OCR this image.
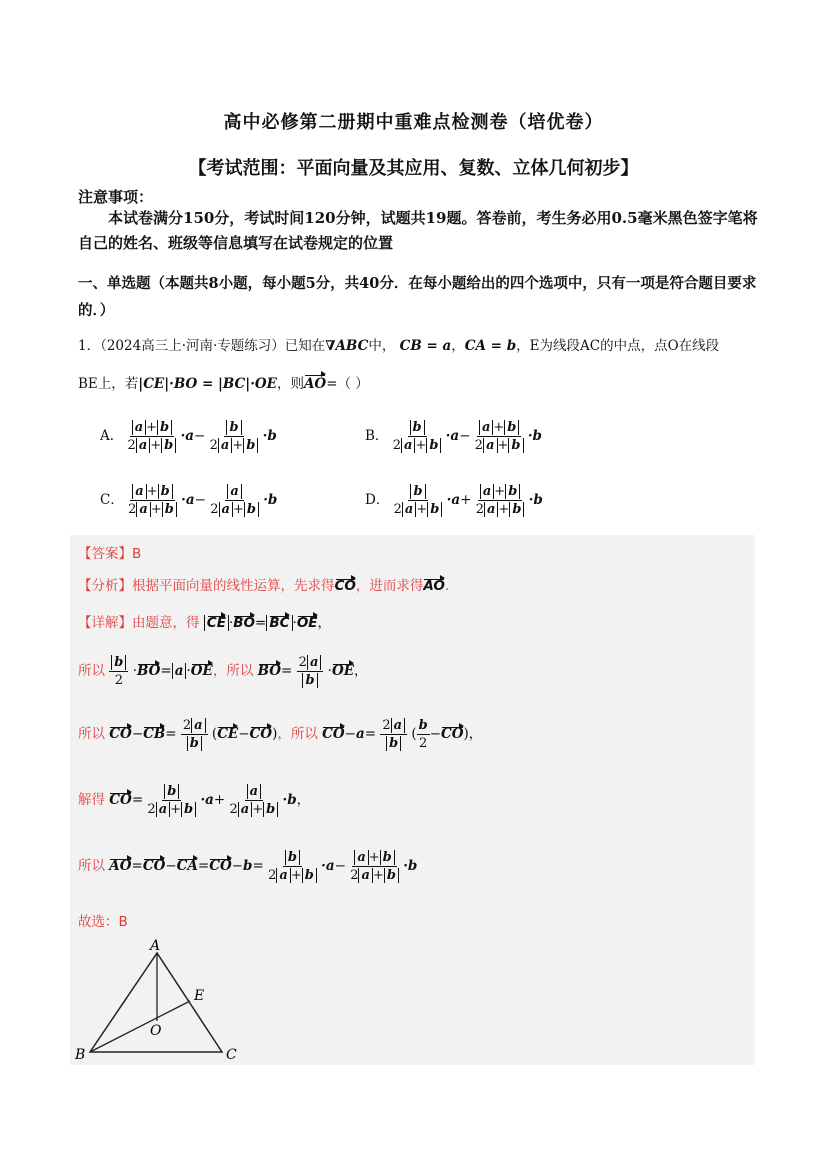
高中必修第二册期中重难点检测卷（培优卷）
【考试范围：平面向量及其应用、复数、立体几何初步】
注意事项：
本试卷满分150分，考试时间120分钟，试题共19题。答卷前，考生务必用0.5毫米黑色签字笔将自己的姓名、班级等信息填写在试卷规定的位置
一、单选题（本题共8小题，每小题5分，共40分．在每小题给出的四个选项中，只有一项是符合题目要求的．）
1．（2024高三上·河南·专题练习）已知在∇ABC中， CB = a，CA = b，E为线段AC的中点，点O在线段
BE上，若|CE|·BO = |BC|·OE，则AO=（ ）
A． $\frac{a + b}{2 a + b} \cdot a- \frac{b}{2 a + b} \cdot b$	B． $\frac{b}{2 a + b} \cdot a- \frac{a + b}{2 a + b} \cdot b$
C． $\frac{a + b}{2 a + b} \cdot a- \frac{a}{2 a + b} \cdot b$	D． $\frac{b}{2 a + b} \cdot a+ \frac{a + b}{2 a + b} \cdot b$
【答案】B
【分析】根据平面向量的线性运算，先求得CO，进而求得AO.
【详解】由题意，得 CE ·BO= BC ·OE，
所以 $\frac{b}{2} \cdot BO= a \cdot OE$，所以 $BO= \frac{2 a}{b} \cdot OE$，
所以 $CO-CB= \frac{2 a}{b} (CE-CO)$，所以 $CO-a= \frac{2 a}{b}$ ( $\frac{b}{2} -CO$)，
解得 $CO= \frac{b}{2 a + b} \cdot a+ \frac{a}{2 a + b} \cdot b$，
所以 $AO=CO-CA=CO-b= \frac{b}{2 a + b} \cdot a- \frac{a + b}{2 a + b} \cdot b$
故选：B
A
B	C
E
O
